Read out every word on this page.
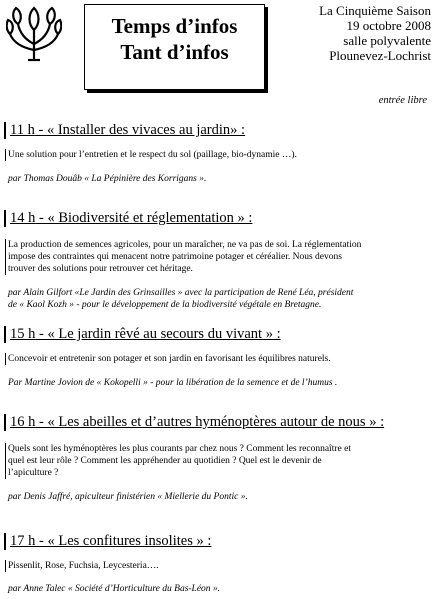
Temps d’infos
Tant d’infos
La Cinquième Saison
19 octobre 2008
salle polyvalente
Plounevez-Lochrist
entrée libre

11 h - « Installer des vivaces au jardin» :

Une solution pour l’entretien et le respect du sol (paillage, bio-dynamie …).
par Thomas Douâb « La Pépinière des Korrigans ».

14 h - « Biodiversité et réglementation » :

La production de semences agricoles, pour un maraîcher, ne va pas de soi. La réglementation
impose des contraintes qui menacent notre patrimoine potager et céréalier. Nous devons
trouver des solutions pour retrouver cet héritage.
par Alain Gilfort «Le Jardin des Grinsailles » avec la participation de René Léa, président
de « Kaol Kozh » - pour le développement de la biodiversité végétale en Bretagne.

15 h - « Le jardin rêvé au secours du vivant » :

Concevoir et entretenir son potager et son jardin en favorisant les équilibres naturels.
Par Martine Jovion de « Kokopelli » - pour la libération de la semence et de l’humus .

16 h - « Les abeilles et d’autres hyménoptères autour de nous » :

Quels sont les hyménoptères les plus courants par chez nous ? Comment les reconnaître et
quel est leur rôle ? Comment les appréhender au quotidien ? Quel est le devenir de
l’apiculture ?
par Denis Jaffré, apiculteur finistérien « Miellerie du Pontic ».

17 h - « Les confitures insolites » :

Pissenlit, Rose, Fuchsia, Leycesteria….
par Anne Talec « Société d’Horticulture du Bas-Léon ».
